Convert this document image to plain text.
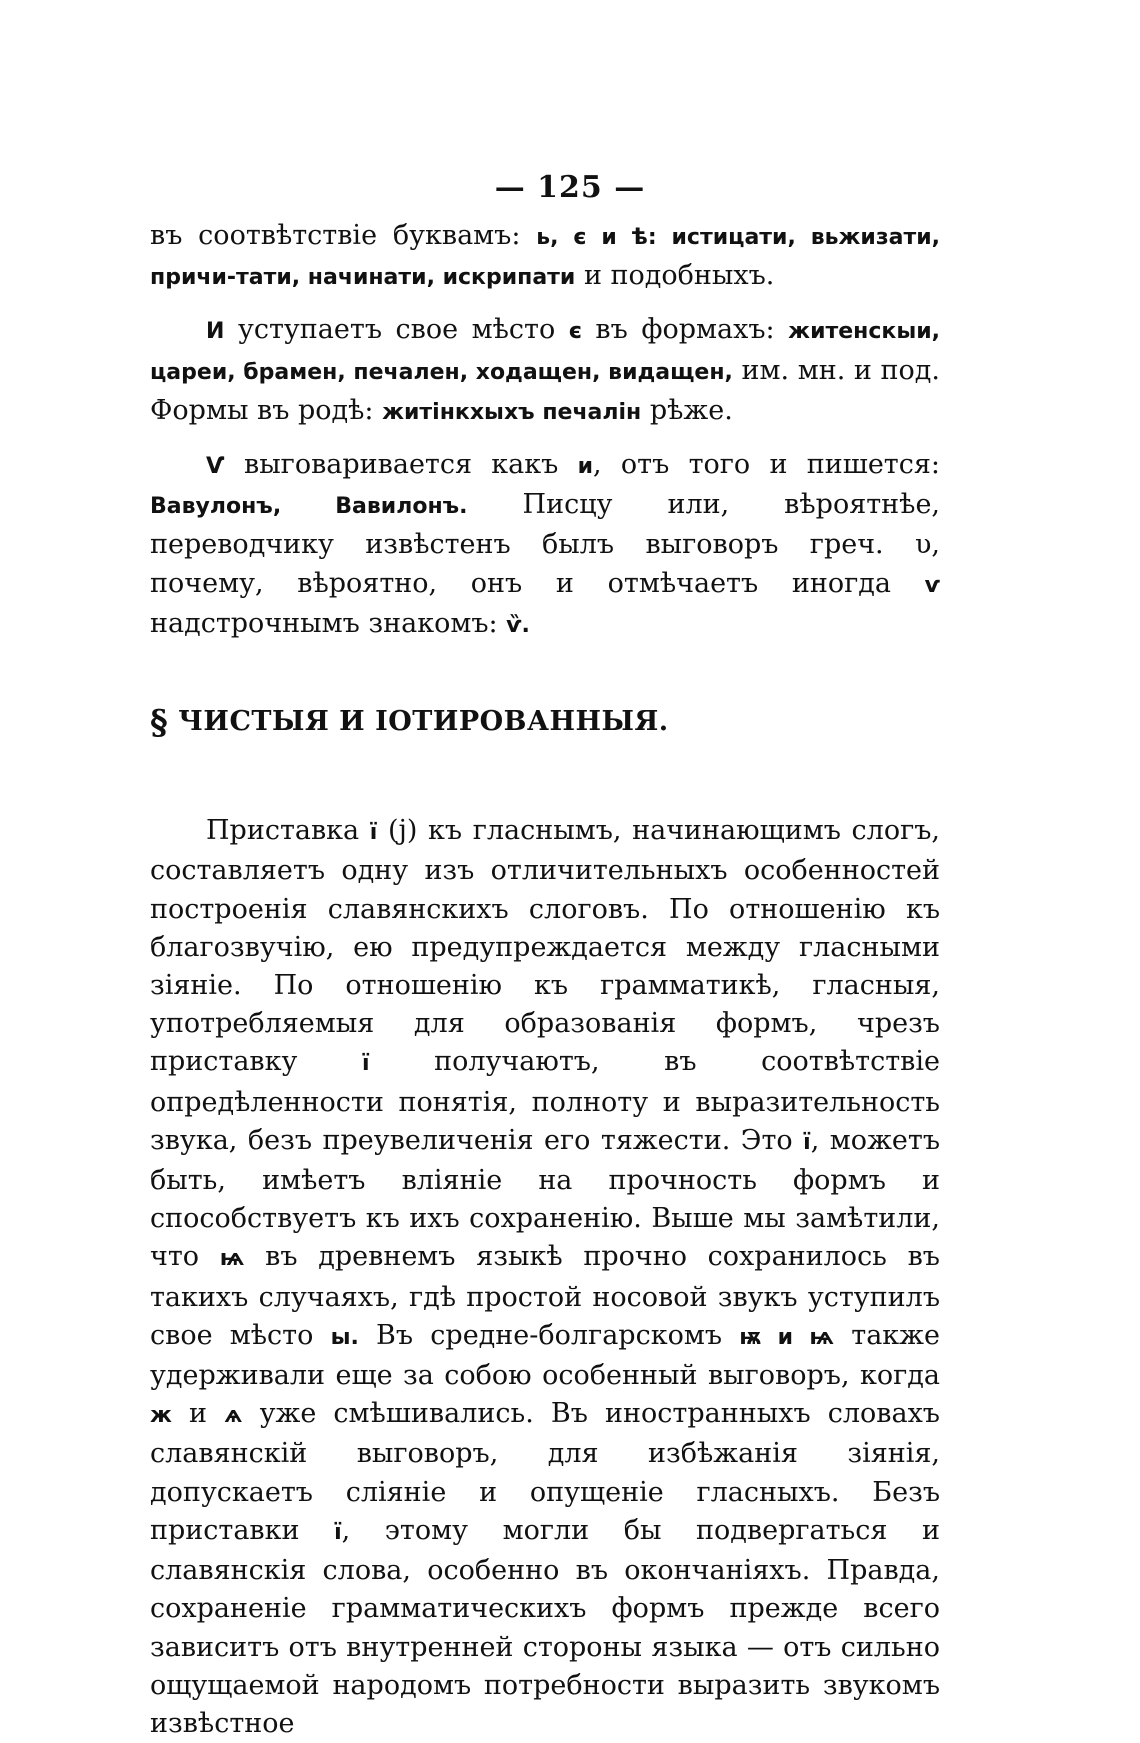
— 125 —

въ соотвѣтствіе буквамъ: ь, є и ѣ: истицати, вьжизати, причи-тати, начинати, искрипати и подобныхъ.

И уступаетъ свое мѣсто є въ формахъ: житенскыи, цареи, брамен, печален, ходащен, видащен, им. мн. и под. Формы въ родѣ: житінкхыхъ печалін рѣже.

Ѵ выговаривается какъ и, отъ того и пишется: Вавулонъ, Вавилонъ. Писцу или, вѣроятнѣе, переводчику извѣстенъ былъ выговоръ греч. υ, почему, вѣроятно, онъ и отмѣчаетъ иногда ѵ надстрочнымъ знакомъ: ѷ.

§ ЧИСТЫЯ И ІОТИРОВАННЫЯ.

Приставка ї (j) къ гласнымъ, начинающимъ слогъ, составляетъ одну изъ отличительныхъ особенностей построенія славянскихъ слоговъ. По отношенію къ благозвучію, ею предупреждается между гласными зіяніе. По отношенію къ грамматикѣ, гласныя, употребляемыя для образованія формъ, чрезъ приставку ї получаютъ, въ соотвѣтствіе опредѣленности понятія, полноту и выразительность звука, безъ преувеличенія его тяжести. Это ї, можетъ быть, имѣетъ вліяніе на прочность формъ и способствуетъ къ ихъ сохраненію. Выше мы замѣтили, что ѩ въ древнемъ языкѣ прочно сохранилось въ такихъ случаяхъ, гдѣ простой носовой звукъ уступилъ свое мѣсто ы. Въ средне-болгарскомъ ѭ и ѩ также удерживали еще за собою особенный выговоръ, когда ж и ѧ уже смѣшивались. Въ иностранныхъ словахъ славянскій выговоръ, для избѣжанія зіянія, допускаетъ сліяніе и опущеніе гласныхъ. Безъ приставки ї, этому могли бы подвергаться и славянскія слова, особенно въ окончаніяхъ. Правда, сохраненіе грамматическихъ формъ прежде всего зависитъ отъ внутренней стороны языка — отъ сильно ощущаемой народомъ потребности выразить звукомъ извѣстное
